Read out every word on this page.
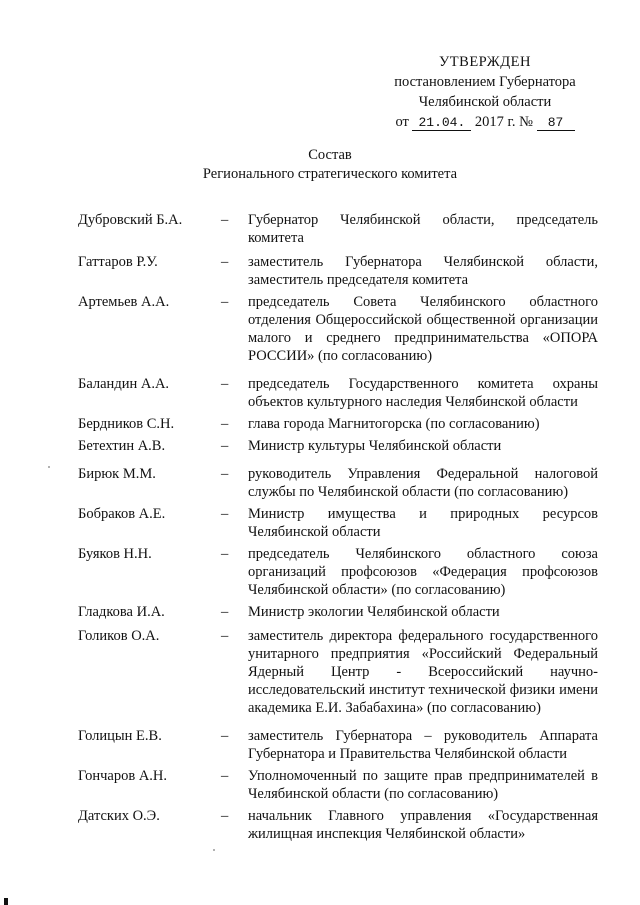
УТВЕРЖДЕН
постановлением Губернатора
Челябинской области
от 21.04. 2017 г. № 87
Состав
Регионального стратегического комитета
Дубровский Б.А.	– Губернатор Челябинской области, председатель комитета
Гаттаров Р.У.	– заместитель Губернатора Челябинской области, заместитель председателя комитета
Артемьев А.А.	– председатель Совета Челябинского областного отделения Общероссийской общественной организации малого и среднего предпринимательства «ОПОРА РОССИИ» (по согласованию)
Баландин А.А.	– председатель Государственного комитета охраны объектов культурного наследия Челябинской области
Бердников С.Н.	– глава города Магнитогорска (по согласованию)
Бетехтин А.В.	– Министр культуры Челябинской области
Бирюк М.М.	– руководитель Управления Федеральной налоговой службы по Челябинской области (по согласованию)
Бобраков А.Е.	– Министр имущества и природных ресурсов Челябинской области
Буяков Н.Н.	– председатель Челябинского областного союза организаций профсоюзов «Федерация профсоюзов Челябинской области» (по согласованию)
Гладкова И.А.	– Министр экологии Челябинской области
Голиков О.А.	– заместитель директора федерального государственного унитарного предприятия «Российский Федеральный Ядерный Центр - Всероссийский научно-исследовательский институт технической физики имени академика Е.И. Забабахина» (по согласованию)
Голицын Е.В.	– заместитель Губернатора – руководитель Аппарата Губернатора и Правительства Челябинской области
Гончаров А.Н.	– Уполномоченный по защите прав предпринимателей в Челябинской области (по согласованию)
Датских О.Э.	– начальник Главного управления «Государственная жилищная инспекция Челябинской области»
